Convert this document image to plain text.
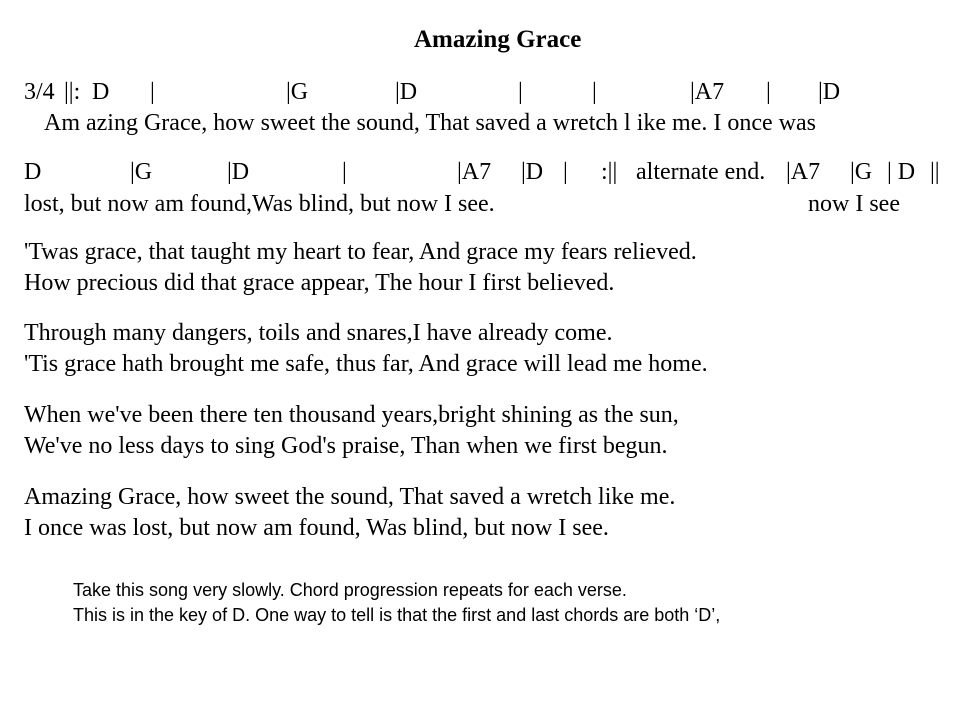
Amazing Grace
3/4 ||: D |	|G	|D	|	|	|A7 | |D
Am azing Grace, how sweet the sound, That saved a wretch l ike me. I once was
D	|G	|D	|	|A7 |D | :|| alternate end. |A7 |G | D ||
lost, but now am found,Was blind, but now I see.	now I see
'Twas grace, that taught my heart to fear, And grace my fears relieved.
How precious did that grace appear, The hour I first believed.
Through many dangers, toils and snares,I have already come.
'Tis grace hath brought me safe, thus far, And grace will lead me home.
When we've been there ten thousand years,bright shining as the sun,
We've no less days to sing God's praise, Than when we first begun.
Amazing Grace, how sweet the sound, That saved a wretch like me.
I once was lost, but now am found, Was blind, but now I see.
Take this song very slowly. Chord progression repeats for each verse.
This is in the key of D. One way to tell is that the first and last chords are both ‘D’,
